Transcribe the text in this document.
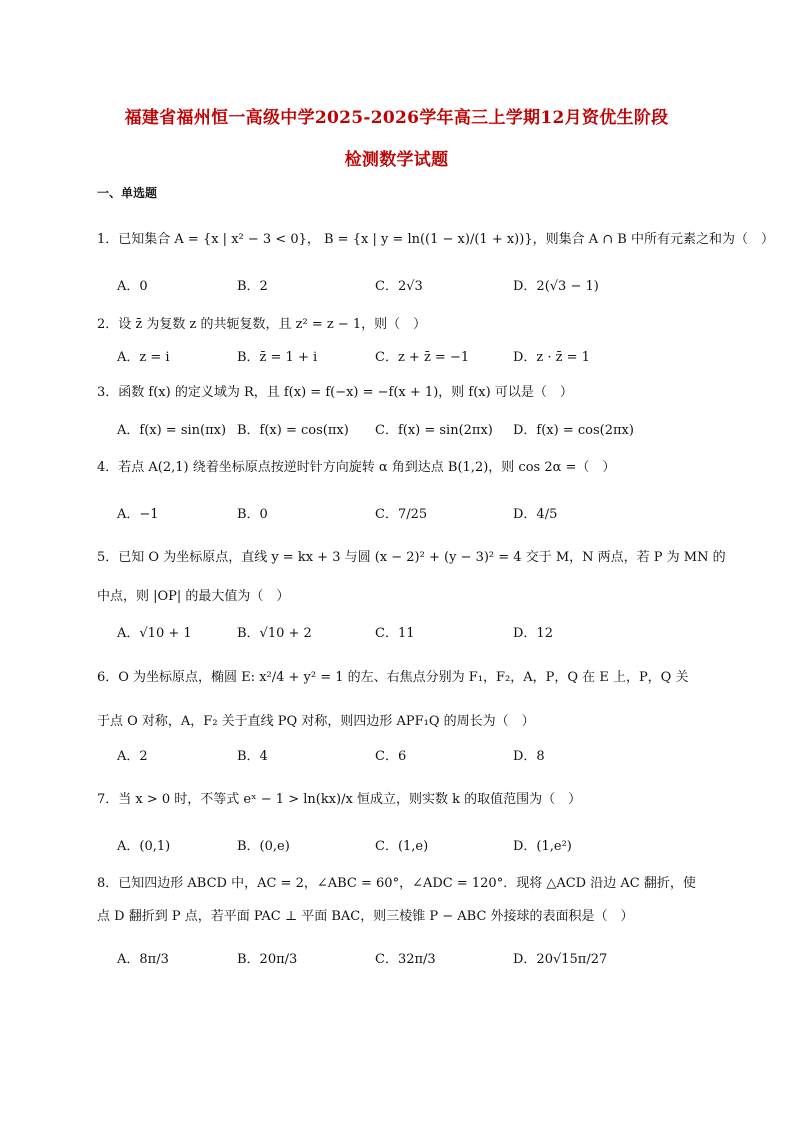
福建省福州恒一高级中学2025-2026学年高三上学期12月资优生阶段
检测数学试题
一、单选题
1．已知集合 A = {x | x² − 3 < 0}， B = {x | y = ln((1 − x)/(1 + x))}，则集合 A ∩ B 中所有元素之和为（　）
A．0	B．2	C．2√3	D．2(√3 − 1)
2．设 z̄ 为复数 z 的共轭复数，且 z² = z − 1，则（　）
A．z = i	B．z̄ = 1 + i	C．z + z̄ = −1	D．z · z̄ = 1
3．函数 f(x) 的定义域为 R，且 f(x) = f(−x) = −f(x + 1)，则 f(x) 可以是（　）
A．f(x) = sin(πx) B．f(x) = cos(πx) C．f(x) = sin(2πx) D．f(x) = cos(2πx)
4．若点 A(2,1) 绕着坐标原点按逆时针方向旋转 α 角到达点 B(1,2)，则 cos 2α =（　）
A．−1	B．0	C．7/25	D．4/5
5．已知 O 为坐标原点，直线 y = kx + 3 与圆 (x − 2)² + (y − 3)² = 4 交于 M，N 两点，若 P 为 MN 的
中点，则 |OP| 的最大值为（　）
A．√10 + 1	B．√10 + 2	C．11	D．12
6．O 为坐标原点，椭圆 E: x²/4 + y² = 1 的左、右焦点分别为 F₁，F₂，A，P，Q 在 E 上，P，Q 关
于点 O 对称，A，F₂ 关于直线 PQ 对称，则四边形 APF₁Q 的周长为（　）
A．2	B．4	C．6	D．8
7．当 x > 0 时，不等式 eˣ − 1 > ln(kx)/x 恒成立，则实数 k 的取值范围为（　）
A．(0,1)	B．(0,e)	C．(1,e)	D．(1,e²)
8．已知四边形 ABCD 中，AC = 2，∠ABC = 60°，∠ADC = 120°．现将 △ACD 沿边 AC 翻折，使
点 D 翻折到 P 点，若平面 PAC ⊥ 平面 BAC，则三棱锥 P − ABC 外接球的表面积是（　）
A．8π/3	B．20π/3	C．32π/3	D．20√15π/27
